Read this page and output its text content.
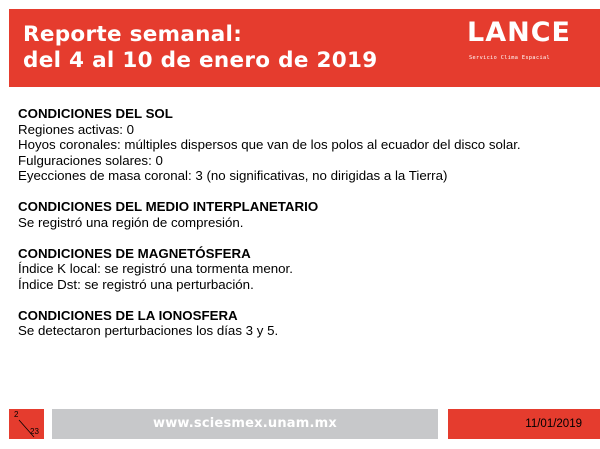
Reporte semanal:
del 4 al 10 de enero de 2019
LANCE
Servicio Clima Espacial
CONDICIONES DEL SOL

Regiones activas: 0

Hoyos coronales: múltiples dispersos que van de los polos al ecuador del disco solar.

Fulguraciones solares: 0

Eyecciones de masa coronal: 3 (no significativas, no dirigidas a la Tierra)

CONDICIONES DEL MEDIO INTERPLANETARIO

Se registró una región de compresión.

CONDICIONES DE MAGNETÓSFERA

Índice K local: se registró una tormenta menor.

Índice Dst: se registró una perturbación.

CONDICIONES DE LA IONOSFERA

Se detectaron perturbaciones los días 3 y 5.

2
23
www.sciesmex.unam.mx	11/01/2019
